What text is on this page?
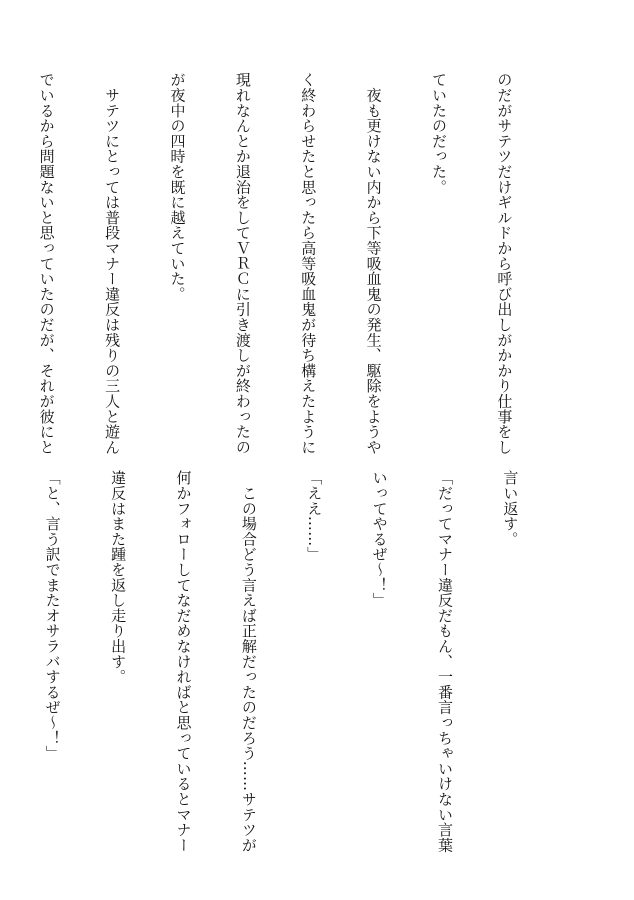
のだがサテツだけギルドから呼び出しがかかり仕事をし

ていたのだった。

　夜も更けない内から下等吸血鬼の発生、駆除をようや

く終わらせたと思ったら高等吸血鬼が待ち構えたように

現れなんとか退治をしてＶＲＣに引き渡しが終わったの

が夜中の四時を既に越えていた。

　サテツにとっては普段マナー違反は残りの三人と遊ん

でいるから問題ないと思っていたのだが、それが彼にと

言い返す。

「だってマナー違反だもん、一番言っちゃいけない言葉

いってやるぜ～！」

「ええ……」

　この場合どう言えば正解だったのだろう……サテツが

何かフォローしてなだめなければと思っているとマナー

違反はまた踵を返し走り出す。

「と、言う訳でまたオサラバするぜ～！」
